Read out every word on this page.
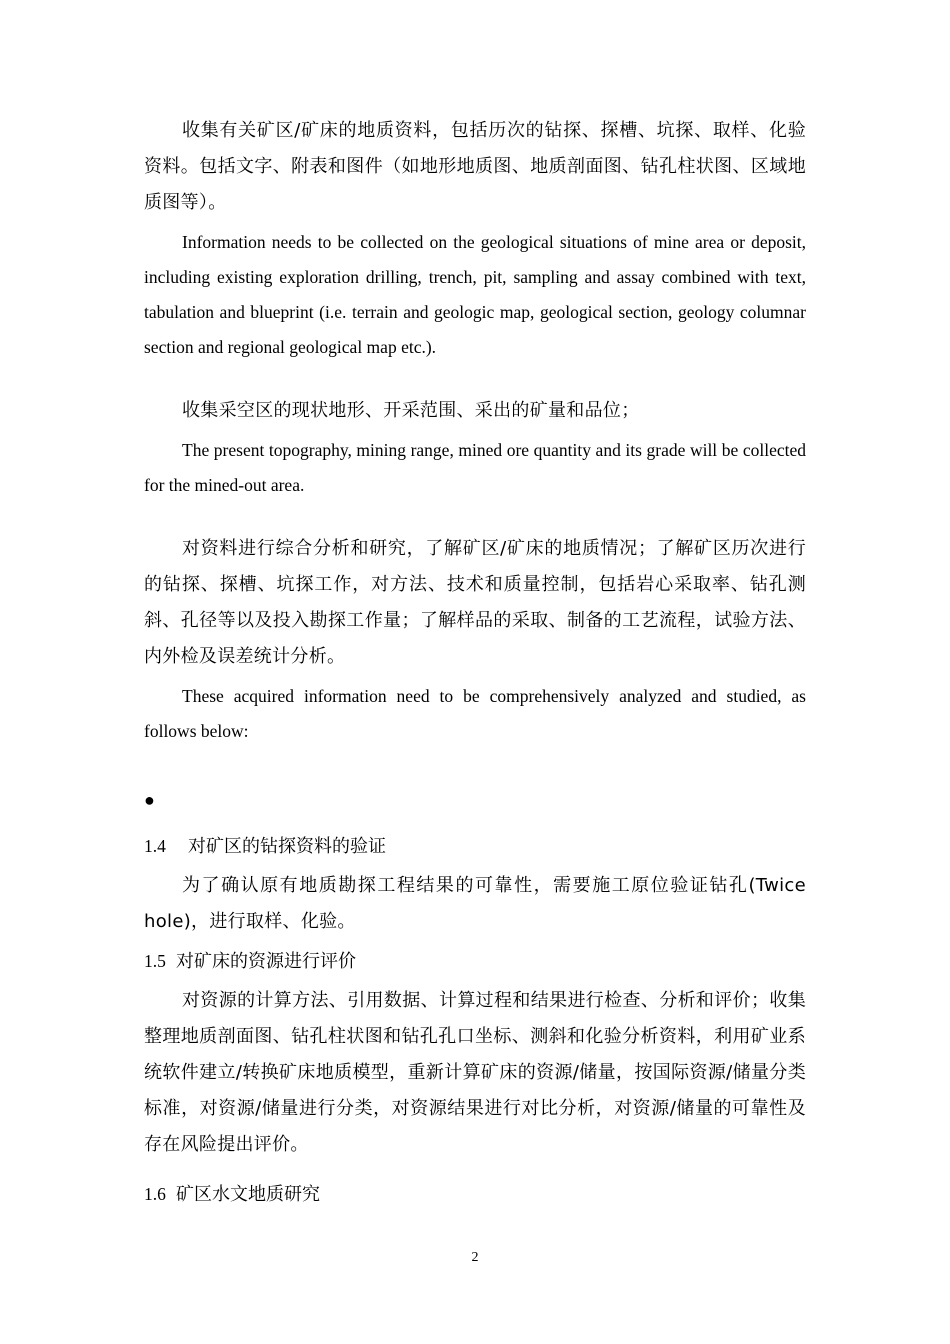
收集有关矿区/矿床的地质资料，包括历次的钻探、探槽、坑探、取样、化验资料。包括文字、附表和图件（如地形地质图、地质剖面图、钻孔柱状图、区域地质图等）。

Information needs to be collected on the geological situations of mine area or deposit, including existing exploration drilling, trench, pit, sampling and assay combined with text, tabulation and blueprint (i.e. terrain and geologic map, geological section, geology columnar section and regional geological map etc.).

收集采空区的现状地形、开采范围、采出的矿量和品位；

The present topography, mining range, mined ore quantity and its grade will be collected for the mined-out area.

对资料进行综合分析和研究，了解矿区/矿床的地质情况；了解矿区历次进行的钻探、探槽、坑探工作，对方法、技术和质量控制，包括岩心采取率、钻孔测斜、孔径等以及投入勘探工作量；了解样品的采取、制备的工艺流程，试验方法、内外检及误差统计分析。

These acquired information need to be comprehensively analyzed and studied, as follows below:

●

1.4 对矿区的钻探资料的验证

为了确认原有地质勘探工程结果的可靠性，需要施工原位验证钻孔(Twice hole)，进行取样、化验。

1.5 对矿床的资源进行评价

对资源的计算方法、引用数据、计算过程和结果进行检查、分析和评价；收集整理地质剖面图、钻孔柱状图和钻孔孔口坐标、测斜和化验分析资料，利用矿业系统软件建立/转换矿床地质模型，重新计算矿床的资源/储量，按国际资源/储量分类标准，对资源/储量进行分类，对资源结果进行对比分析，对资源/储量的可靠性及存在风险提出评价。

1.6 矿区水文地质研究

2
